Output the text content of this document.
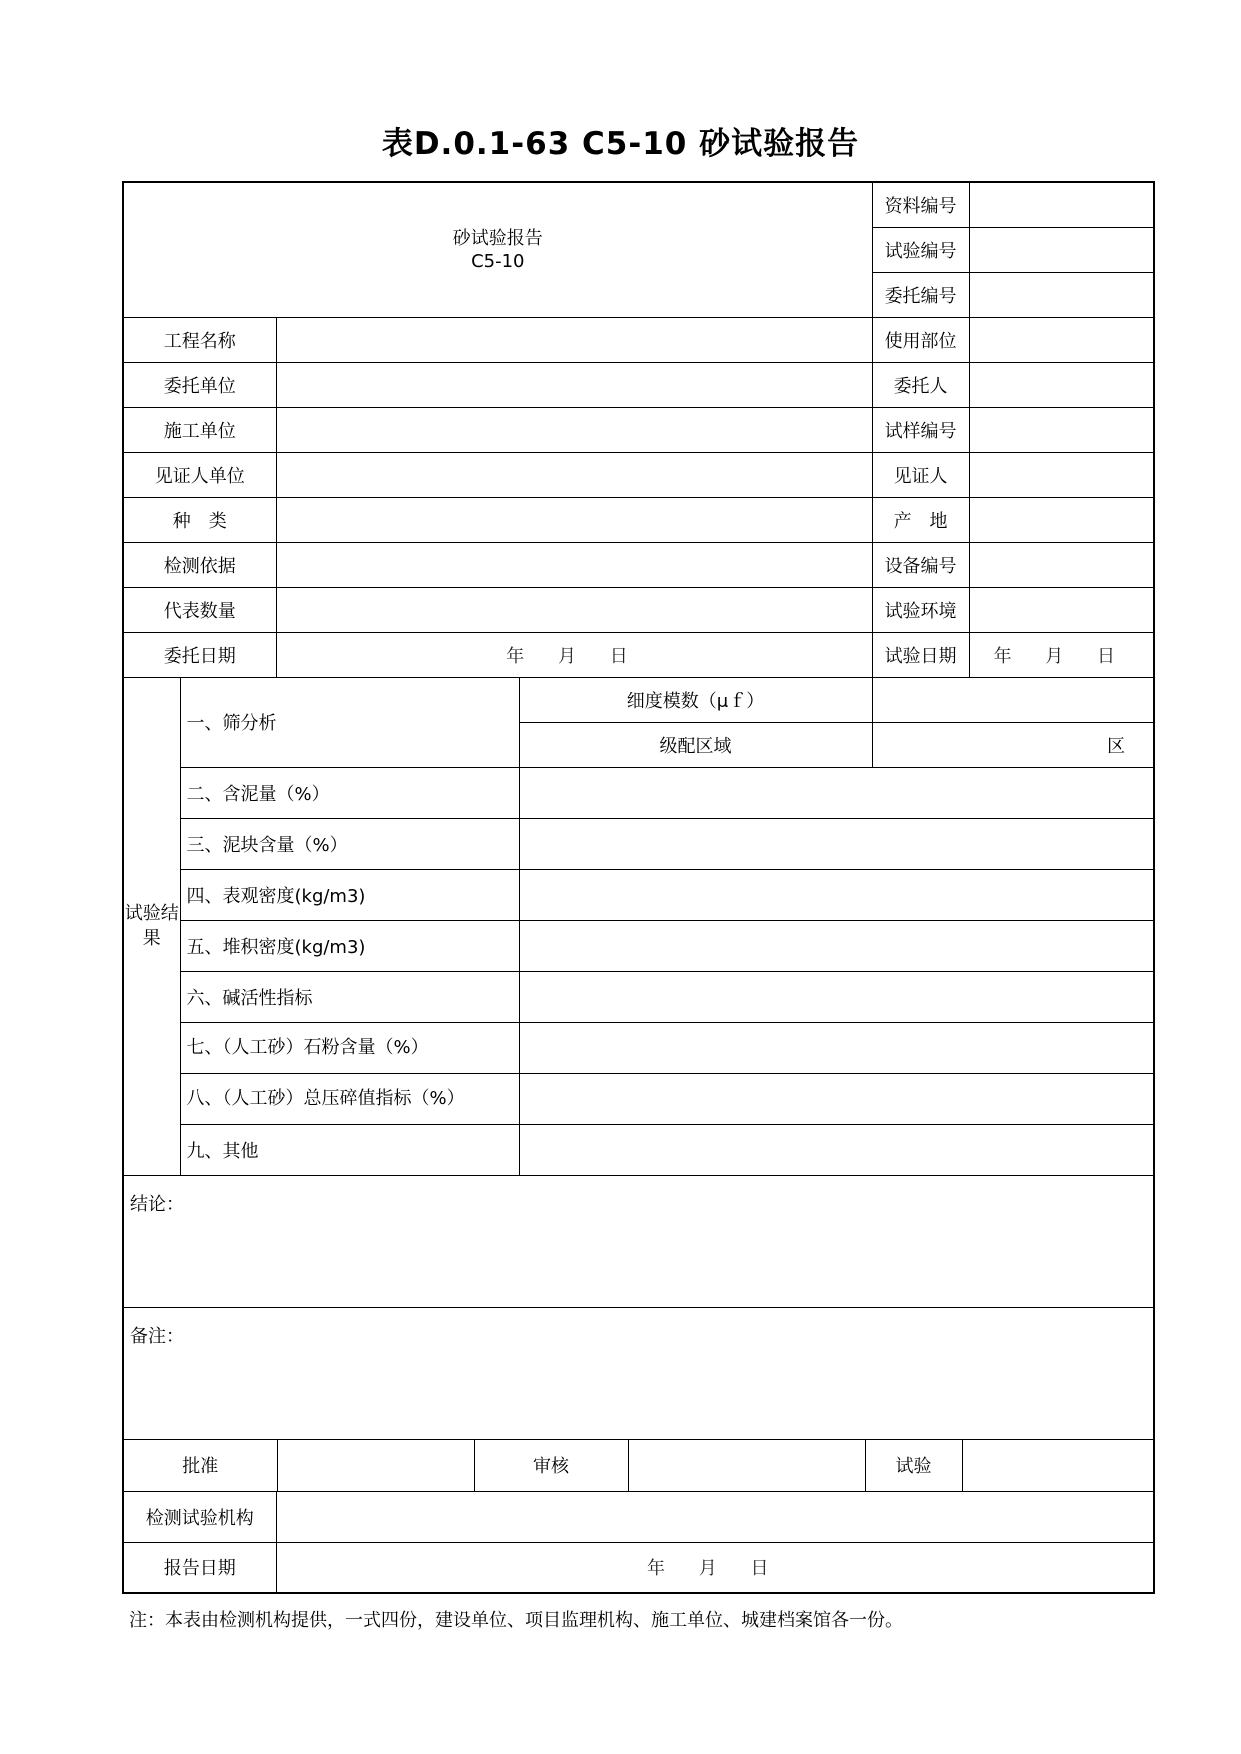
表D.0.1-63 C5-10 砂试验报告
砂试验报告
C5-10
	资料编号	
试验编号	
委托编号	
工程名称		使用部位	
委托单位		委托人	
施工单位		试样编号	
见证人单位		见证人	
种　类		产　地	
检测依据		设备编号	
代表数量		试验环境	
委托日期	年 月 日	试验日期	年 月 日
试验结果	一、筛分析	细度模数（μｆ）	
级配区域	区
二、含泥量（%）	
三、泥块含量（%）	
四、表观密度(kg/m3)	
五、堆积密度(kg/m3)	
六、碱活性指标	
七、（人工砂）石粉含量（%）	
八、（人工砂）总压碎值指标（%）	
九、其他	
结论：
备注：

批准		审核		试验	

检测试验机构	
报告日期	年 月 日
注：本表由检测机构提供，一式四份，建设单位、项目监理机构、施工单位、城建档案馆各一份。
